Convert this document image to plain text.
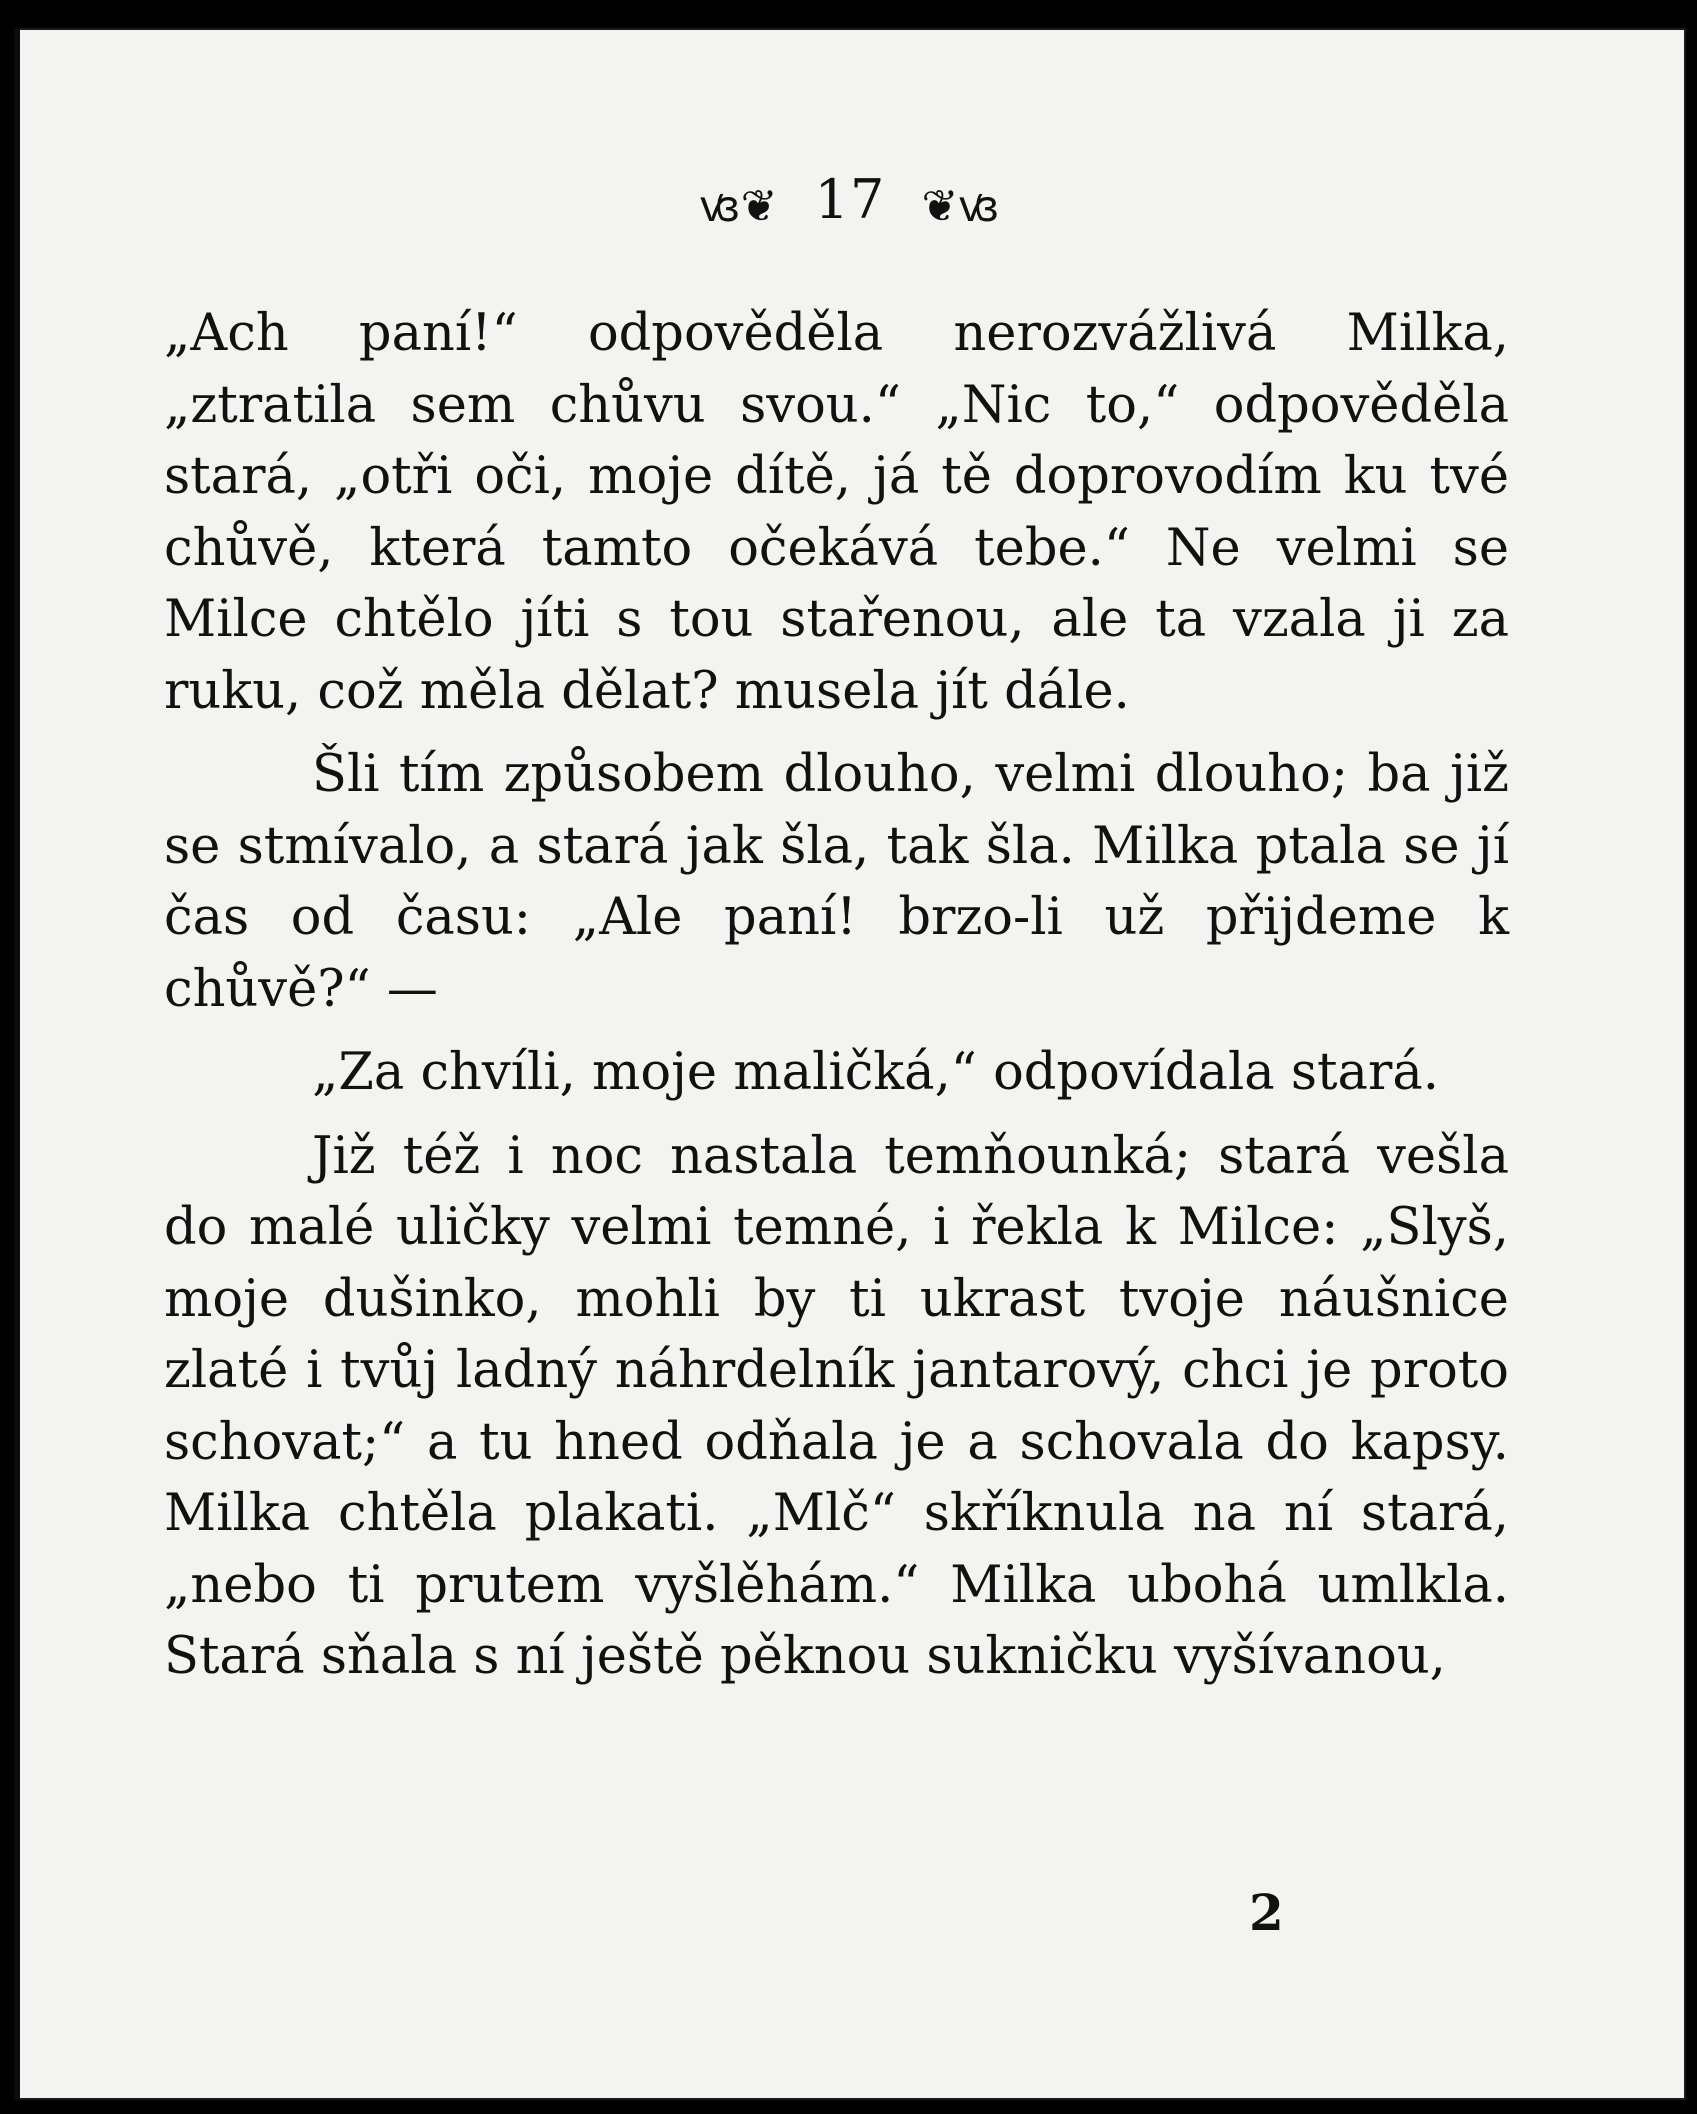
ꟃ❦ 17 ❦ꟃ

„Ach paní!“ odpověděla nerozvážlivá Milka, „ztratila sem chůvu svou.“ „Nic to,“ odpověděla stará, „otři oči, moje dítě, já tě doprovodím ku tvé chůvě, která tamto očekává tebe.“ Ne velmi se Milce chtělo jíti s tou stařenou, ale ta vzala ji za ruku, což měla dělat? musela jít dále.

Šli tím způsobem dlouho, velmi dlouho; ba již se stmívalo, a stará jak šla, tak šla. Milka ptala se jí čas od času: „Ale paní! brzo-li už přijdeme k chůvě?“ —

„Za chvíli, moje maličká,“ odpovídala stará.

Již též i noc nastala temňounká; stará vešla do malé uličky velmi temné, i řekla k Milce: „Slyš, moje dušinko, mohli by ti ukrast tvoje náušnice zlaté i tvůj ladný náhrdelník jantarový, chci je proto schovat;“ a tu hned odňala je a schovala do kapsy. Milka chtěla plakati. „Mlč“ skříknula na ní stará, „nebo ti prutem vyšlěhám.“ Milka ubohá umlkla. Stará sňala s ní ještě pěknou sukničku vyšívanou,

2
